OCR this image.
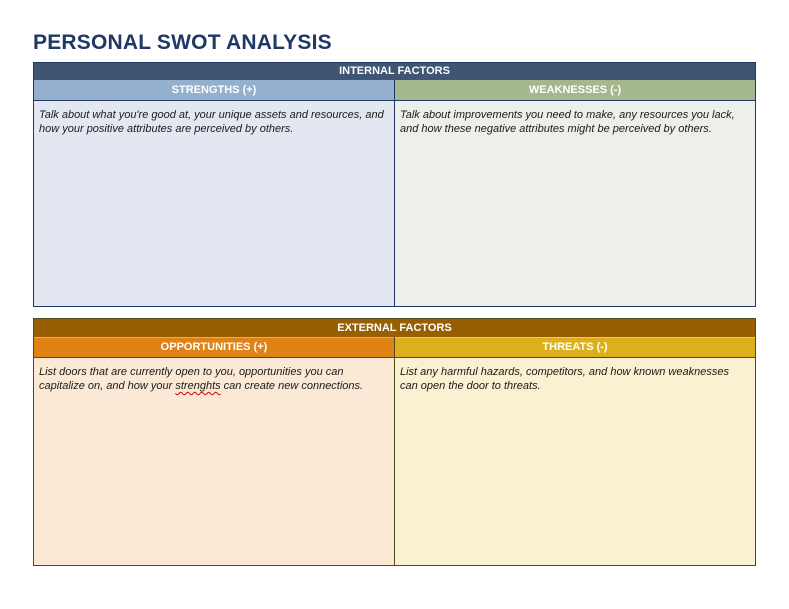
PERSONAL SWOT ANALYSIS
INTERNAL FACTORS
STRENGTHS (+)

Talk about what you're good at, your unique assets and resources, and how your positive attributes are perceived by others.

WEAKNESSES (-)

Talk about improvements you need to make, any resources you lack, and how these negative attributes might be perceived by others.

EXTERNAL FACTORS
OPPORTUNITIES (+)

List doors that are currently open to you, opportunities you can capitalize on, and how your strenghts can create new connections.

THREATS (-)

List any harmful hazards, competitors, and how known weaknesses can open the door to threats.
